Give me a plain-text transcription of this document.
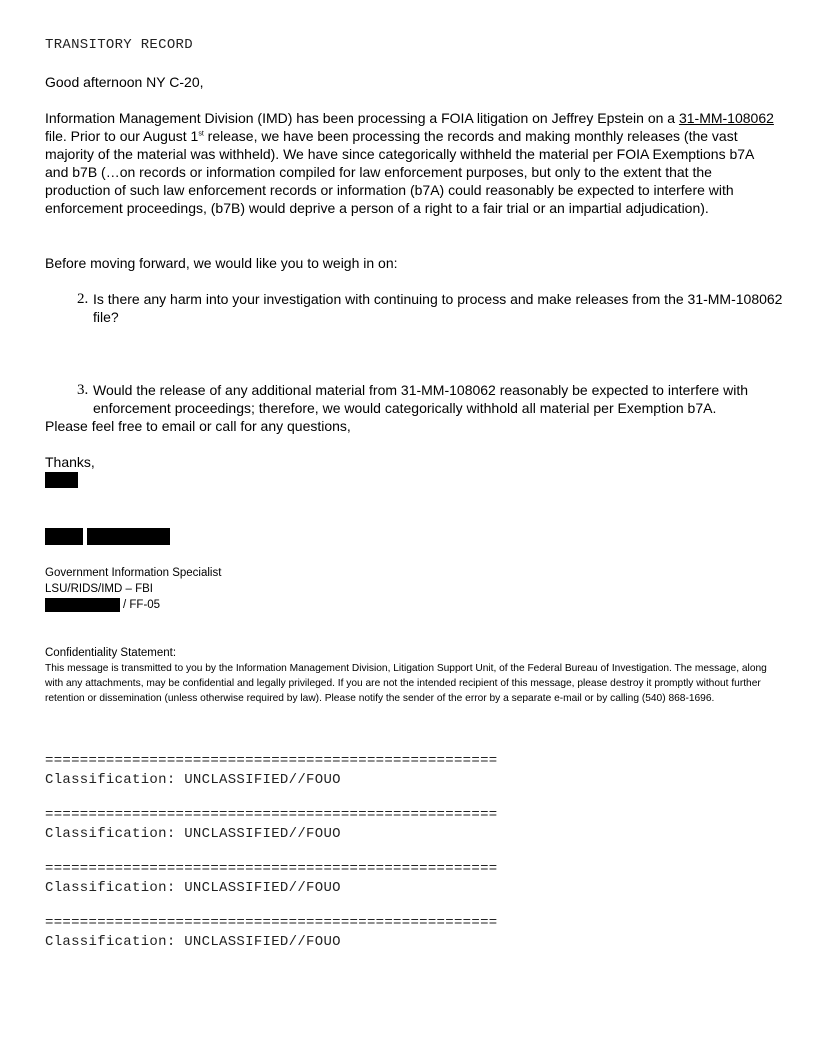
TRANSITORY RECORD
Good afternoon NY C-20,
Information Management Division (IMD) has been processing a FOIA litigation on Jeffrey Epstein on a 31-MM-108062 file. Prior to our August 1st release, we have been processing the records and making monthly releases (the vast majority of the material was withheld). We have since categorically withheld the material per FOIA Exemptions b7A and b7B (…on records or information compiled for law enforcement purposes, but only to the extent that the production of such law enforcement records or information (b7A) could reasonably be expected to interfere with enforcement proceedings, (b7B) would deprive a person of a right to a fair trial or an impartial adjudication).
Before moving forward, we would like you to weigh in on:
2. Is there any harm into your investigation with continuing to process and make releases from the 31-MM-108062 file?
3. Would the release of any additional material from 31-MM-108062 reasonably be expected to interfere with enforcement proceedings; therefore, we would categorically withhold all material per Exemption b7A.
Please feel free to email or call for any questions,
Thanks,
Government Information Specialist
LSU/RIDS/IMD – FBI
/ FF-05
Confidentiality Statement:
This message is transmitted to you by the Information Management Division, Litigation Support Unit, of the Federal Bureau of Investigation. The message, along with any attachments, may be confidential and legally privileged. If you are not the intended recipient of this message, please destroy it promptly without further retention or dissemination (unless otherwise required by law). Please notify the sender of the error by a separate e-mail or by calling (540) 868-1696.
====================================================
Classification: UNCLASSIFIED//FOUO
====================================================
Classification: UNCLASSIFIED//FOUO
====================================================
Classification: UNCLASSIFIED//FOUO
====================================================
Classification: UNCLASSIFIED//FOUO
